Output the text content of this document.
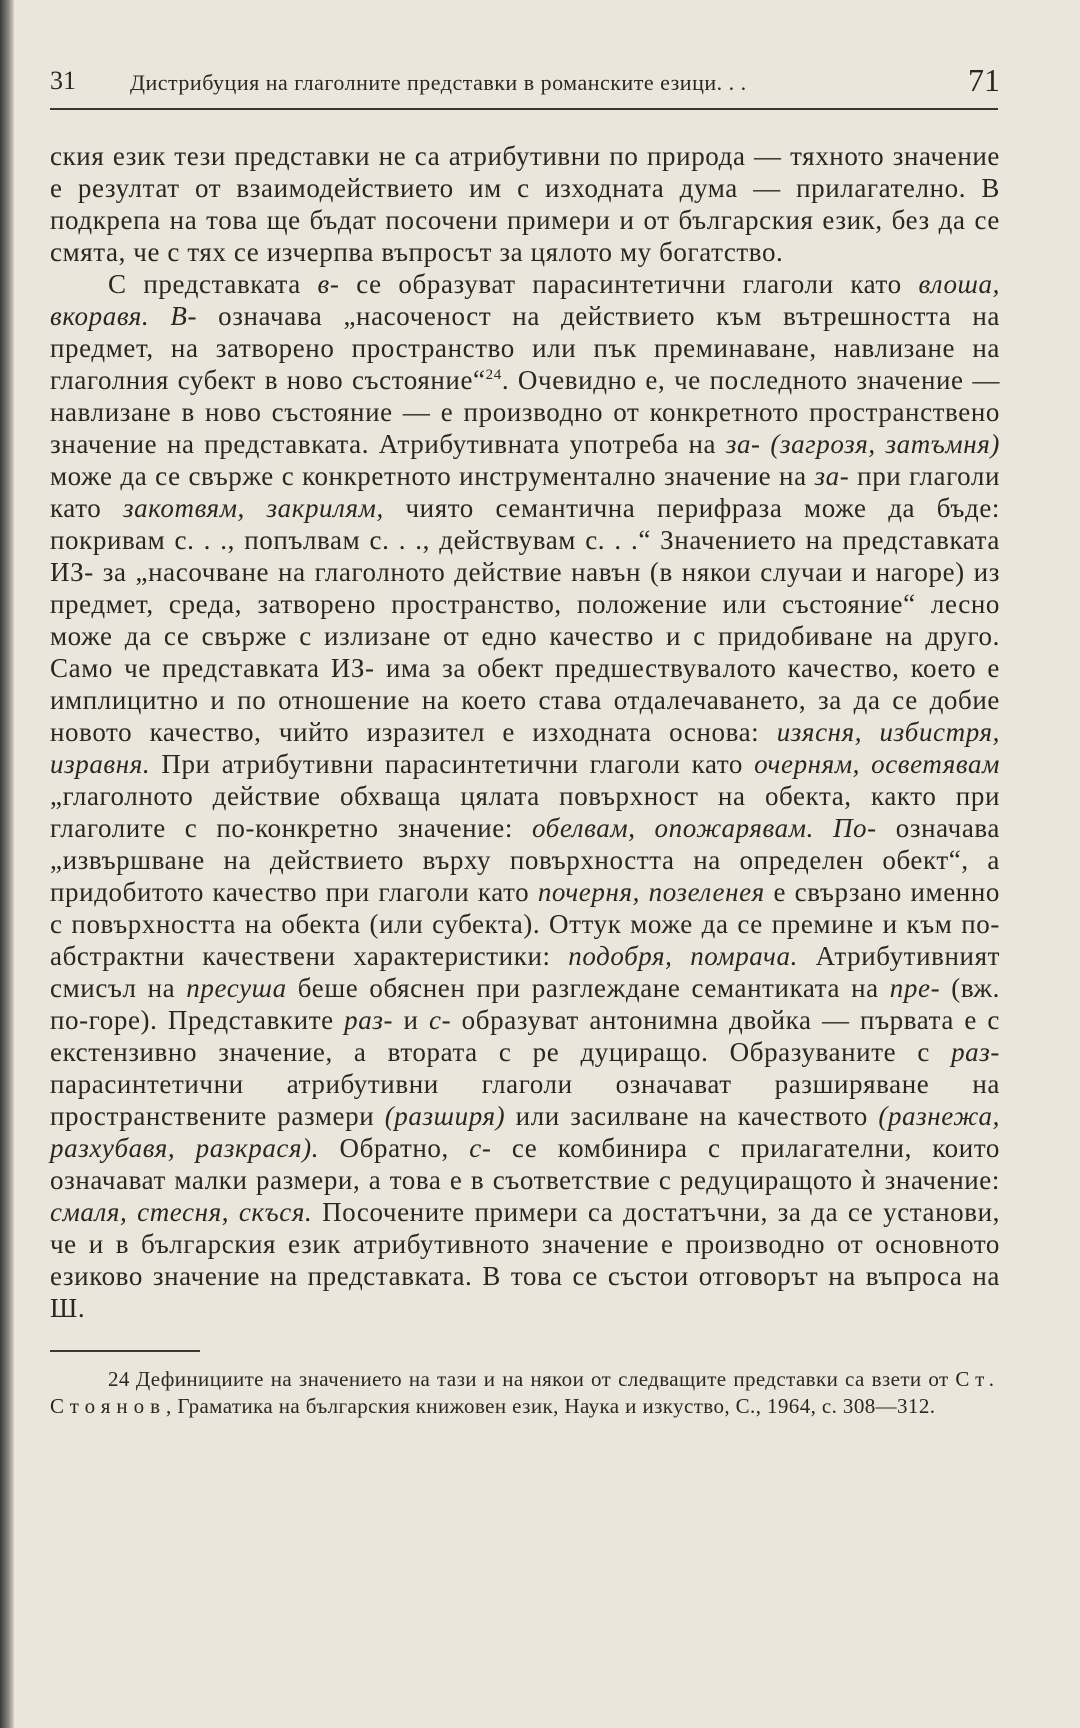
31 Дистрибуция на глаголните представки в романските езици. . .	71

ския език тези представки не са атрибутивни по природа — тяхното значение е резултат от взаимодействието им с изходната дума — прилагателно. В подкрепа на това ще бъдат посочени примери и от българския език, без да се смята, че с тях се изчерпва въпросът за цялото му богатство.

С представката в- се образуват парасинтетични глаголи като влоша, вкоравя. В- означава „насоченост на действието към вътрешността на предмет, на затворено пространство или пък преминаване, навлизане на глаголния субект в ново състояние“$^{24}$. Очевидно е, че последното значение — навлизане в ново състояние — е производно от конкретното пространствено значение на представката. Атрибутивната употреба на за- (загрозя, затъмня) може да се свърже с конкретното инструментално значение на за- при глаголи като закотвям, закрилям, чиято семантична перифраза може да бъде: покривам с. . ., попълвам с. . ., действувам с. . .“ Значението на представката ИЗ- за „насочване на глаголното действие навън (в някои случаи и нагоре) из предмет, среда, затворено пространство, положение или състояние“ лесно може да се свърже с излизане от едно качество и с придобиване на друго. Само че представката ИЗ- има за обект предшествувалото качество, което е имплицитно и по отношение на което става отдалечаването, за да се добие новото качество, чийто изразител е изходната основа: изясня, избистря, изравня. При атрибутивни парасинтетични глаголи като очерням, осветявам „глаголното действие обхваща цялата повърхност на обекта, както при глаголите с по-конкретно значение: обелвам, опожарявам. По- означава „извършване на действието върху повърхността на определен обект“, а придобитото качество при глаголи като почерня, позеленея е свързано именно с повърхността на обекта (или субекта). Оттук може да се премине и към по-абстрактни качествени характеристики: подобря, помрача. Атрибутивният смисъл на пресуша беше обяснен при разглеждане семантиката на пре- (вж. по-горе). Представките раз- и с- образуват антонимна двойка — първата е с екстензивно значение, а втората с ре дуциращо. Образуваните с раз- парасинтетични атрибутивни глаголи означават разширяване на пространствените размери (разширя) или засилване на качеството (разнежа, разхубавя, разкрася). Обратно, с- се комбинира с прилагателни, които означават малки размери, а това е в съответствие с редуциращото ѝ значение: смаля, стесня, скъся. Посочените примери са достатъчни, за да се установи, че и в българския език атрибутивното значение е производно от основното езиково значение на представката. В това се състои отговорът на въпроса на Ш.

24 Дефинициите на значението на тази и на някои от следващите представки са взети от Ст. Стоянов, Граматика на българския книжовен език, Наука и изкуство, С., 1964, с. 308—312.
